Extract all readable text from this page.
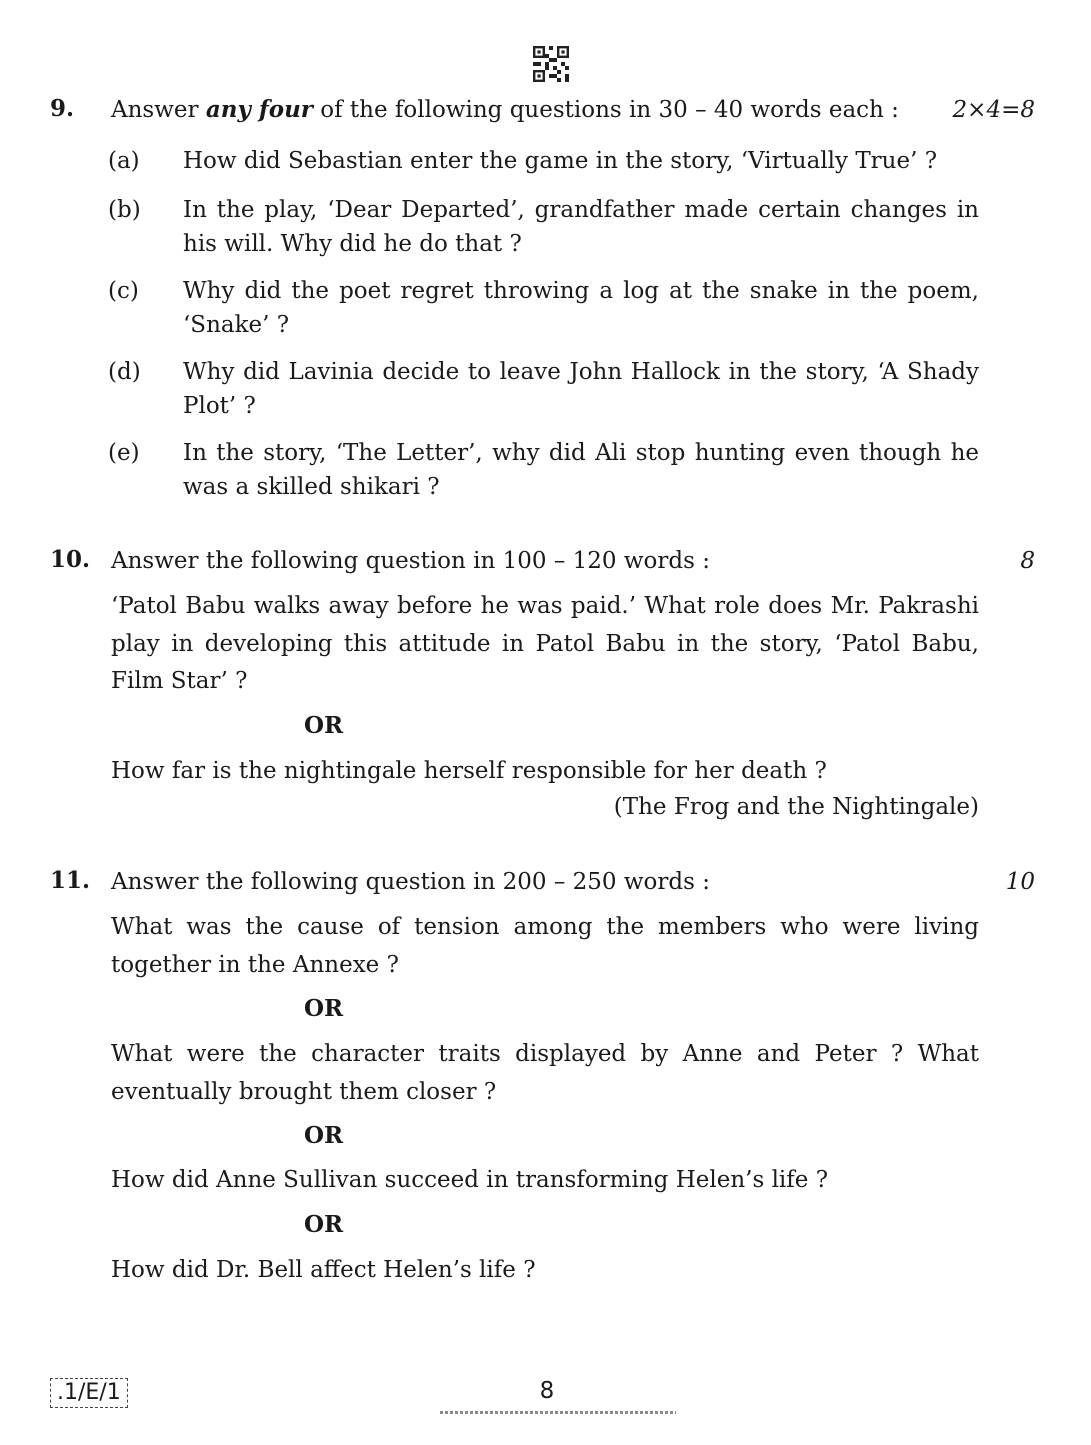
9. Answer any four of the following questions in 30 – 40 words each :	2×4=8
(a) How did Sebastian enter the game in the story, ‘Virtually True’ ?
(b) In the play, ‘Dear Departed’, grandfather made certain changes in his will. Why did he do that ?
(c) Why did the poet regret throwing a log at the snake in the poem, ‘Snake’ ?
(d) Why did Lavinia decide to leave John Hallock in the story, ‘A Shady Plot’ ?
(e) In the story, ‘The Letter’, why did Ali stop hunting even though he was a skilled shikari ?
10. Answer the following question in 100 – 120 words :	8
‘Patol Babu walks away before he was paid.’ What role does Mr. Pakrashi play in developing this attitude in Patol Babu in the story, ‘Patol Babu, Film Star’ ?
OR
How far is the nightingale herself responsible for her death ?
(The Frog and the Nightingale)
11. Answer the following question in 200 – 250 words :	10
What was the cause of tension among the members who were living together in the Annexe ?
OR
What were the character traits displayed by Anne and Peter ? What eventually brought them closer ?
OR
How did Anne Sullivan succeed in transforming Helen’s life ?
OR
How did Dr. Bell affect Helen’s life ?
.1/E/1	8
